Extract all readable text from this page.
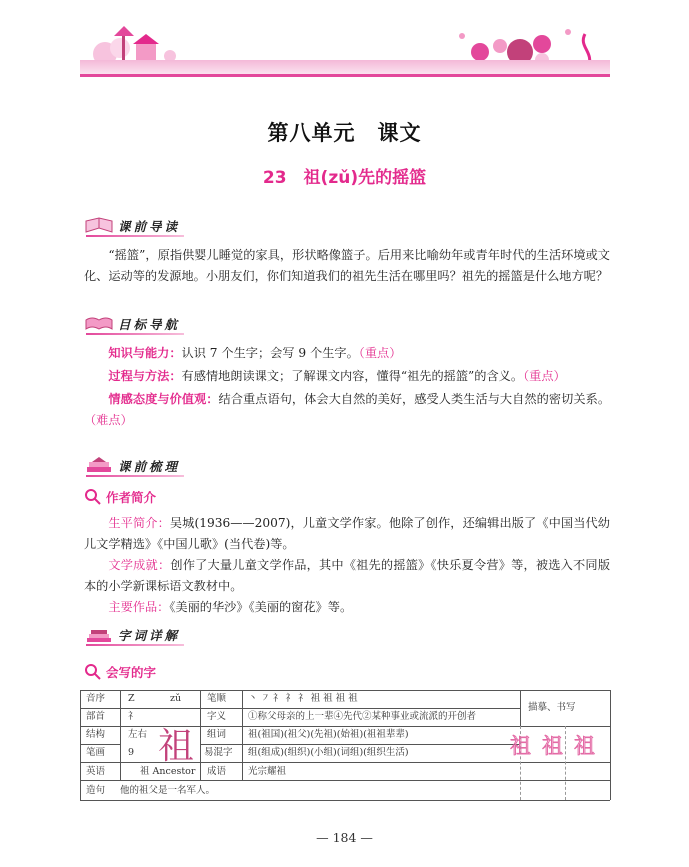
第八单元　课文
23　祖(zǔ)先的摇篮
课前导读
“摇篮”，原指供婴儿睡觉的家具，形状略像篮子。后用来比喻幼年或青年时代的生活环境或文化、运动等的发源地。小朋友们，你们知道我们的祖先生活在哪里吗？祖先的摇篮是什么地方呢？
目标导航
知识与能力：认识 7 个生字；会写 9 个生字。（重点）
过程与方法：有感情地朗读课文；了解课文内容，懂得“祖先的摇篮”的含义。（重点）
情感态度与价值观：结合重点语句，体会大自然的美好，感受人类生活与大自然的密切关系。（难点）
课前梳理
作者简介
生平简介：吴城(1936——2007)，儿童文学作家。他除了创作，还编辑出版了《中国当代幼儿文学精选》《中国儿歌》(当代卷)等。
文学成就：创作了大量儿童文学作品，其中《祖先的摇篮》《快乐夏令营》等，被选入不同版本的小学新课标语文教材中。
主要作品：《美丽的华沙》《美丽的窗花》等。
字词详解
会写的字
音序 Z	zǔ
部首 礻
结构 左右
笔画 9 祖
笔顺 丶 ㇇ 礻 礻 礻 祖 祖 祖 祖
字义 ①称父母亲的上一辈④先代②某种事业或流派的开创者
组词 祖(祖国)(祖父)(先祖)(始祖)(祖祖辈辈)
易混字 组(组成)(组织)(小组)(词组)(组织生活)
英语	祖 Ancestor 成语 光宗耀祖
造句 他的祖父是一名军人。
描摹、书写
祖 祖 祖
— 184 —
